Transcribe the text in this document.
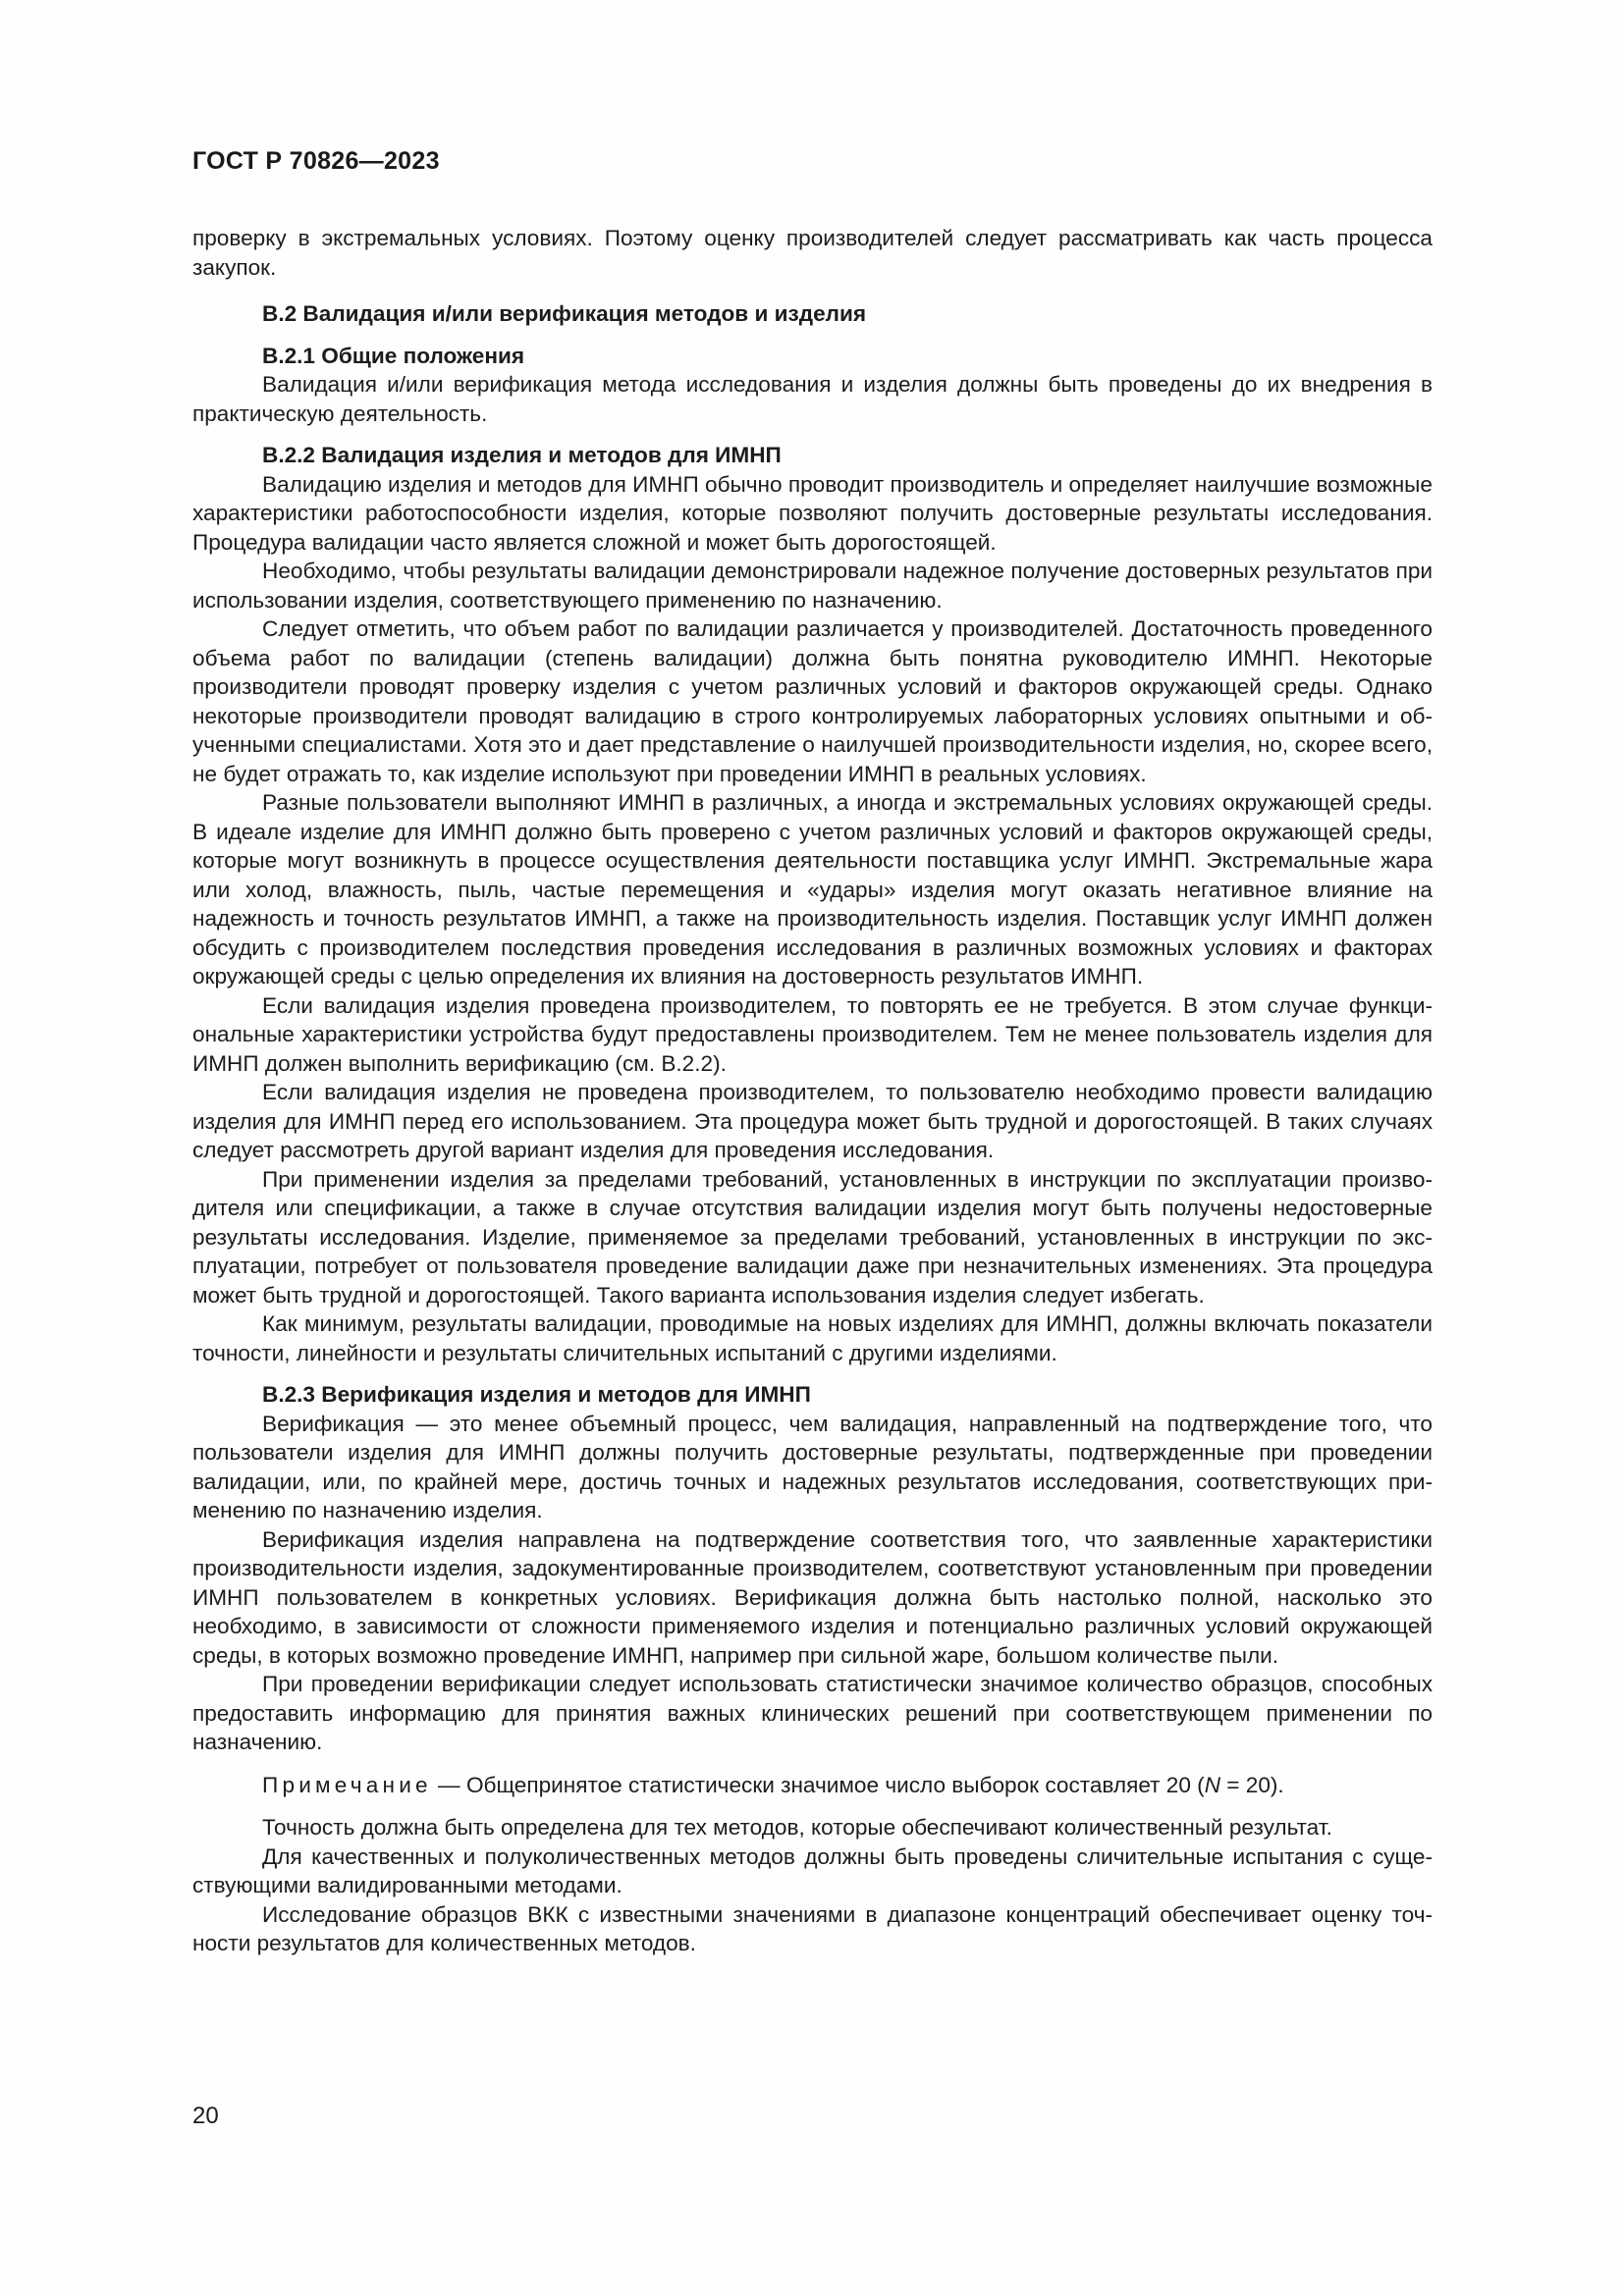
ГОСТ Р 70826—2023

проверку в экстремальных условиях. Поэтому оценку производителей следует рассматривать как часть процесса закупок.

В.2 Валидация и/или верификация методов и изделия

В.2.1 Общие положения

Валидация и/или верификация метода исследования и изделия должны быть проведены до их внедрения в практическую деятельность.

В.2.2 Валидация изделия и методов для ИМНП

Валидацию изделия и методов для ИМНП обычно проводит производитель и определяет наилучшие возможные характеристики работоспособности изделия, которые позволяют получить достоверные результаты исследования. Процедура валидации часто является сложной и может быть дорогостоящей.

Необходимо, чтобы результаты валидации демонстрировали надежное получение достоверных результатов при использовании изделия, соответствующего применению по назначению.

Следует отметить, что объем работ по валидации различается у производителей. Достаточность проведенного объема работ по валидации (степень валидации) должна быть понятна руководителю ИМНП. Некоторые производители проводят проверку изделия с учетом различных условий и факторов окружающей среды. Однако некоторые производители проводят валидацию в строго контролируемых лабораторных условиях опытными и обученными специалистами. Хотя это и дает представление о наилучшей производительности изделия, но, скорее всего, не будет отражать то, как изделие используют при проведении ИМНП в реальных условиях.

Разные пользователи выполняют ИМНП в различных, а иногда и экстремальных условиях окружающей среды. В идеале изделие для ИМНП должно быть проверено с учетом различных условий и факторов окружающей среды, которые могут возникнуть в процессе осуществления деятельности поставщика услуг ИМНП. Экстремальные жара или холод, влажность, пыль, частые перемещения и «удары» изделия могут оказать негативное влияние на надежность и точность результатов ИМНП, а также на производительность изделия. Поставщик услуг ИМНП должен обсудить с производителем последствия проведения исследования в различных возможных условиях и факторах окружающей среды с целью определения их влияния на достоверность результатов ИМНП.

Если валидация изделия проведена производителем, то повторять ее не требуется. В этом случае функциональные характеристики устройства будут предоставлены производителем. Тем не менее пользователь изделия для ИМНП должен выполнить верификацию (см. В.2.2).

Если валидация изделия не проведена производителем, то пользователю необходимо провести валидацию изделия для ИМНП перед его использованием. Эта процедура может быть трудной и дорогостоящей. В таких случаях следует рассмотреть другой вариант изделия для проведения исследования.

При применении изделия за пределами требований, установленных в инструкции по эксплуатации производителя или спецификации, а также в случае отсутствия валидации изделия могут быть получены недостоверные результаты исследования. Изделие, применяемое за пределами требований, установленных в инструкции по эксплуатации, потребует от пользователя проведение валидации даже при незначительных изменениях. Эта процедура может быть трудной и дорогостоящей. Такого варианта использования изделия следует избегать.

Как минимум, результаты валидации, проводимые на новых изделиях для ИМНП, должны включать показатели точности, линейности и результаты сличительных испытаний с другими изделиями.

В.2.3 Верификация изделия и методов для ИМНП

Верификация — это менее объемный процесс, чем валидация, направленный на подтверждение того, что пользователи изделия для ИМНП должны получить достоверные результаты, подтвержденные при проведении валидации, или, по крайней мере, достичь точных и надежных результатов исследования, соответствующих применению по назначению изделия.

Верификация изделия направлена на подтверждение соответствия того, что заявленные характеристики производительности изделия, задокументированные производителем, соответствуют установленным при проведении ИМНП пользователем в конкретных условиях. Верификация должна быть настолько полной, насколько это необходимо, в зависимости от сложности применяемого изделия и потенциально различных условий окружающей среды, в которых возможно проведение ИМНП, например при сильной жаре, большом количестве пыли.

При проведении верификации следует использовать статистически значимое количество образцов, способных предоставить информацию для принятия важных клинических решений при соответствующем применении по назначению.

Примечание — Общепринятое статистически значимое число выборок составляет 20 (N = 20).

Точность должна быть определена для тех методов, которые обеспечивают количественный результат.

Для качественных и полуколичественных методов должны быть проведены сличительные испытания с существующими валидированными методами.

Исследование образцов ВКК с известными значениями в диапазоне концентраций обеспечивает оценку точности результатов для количественных методов.

20
